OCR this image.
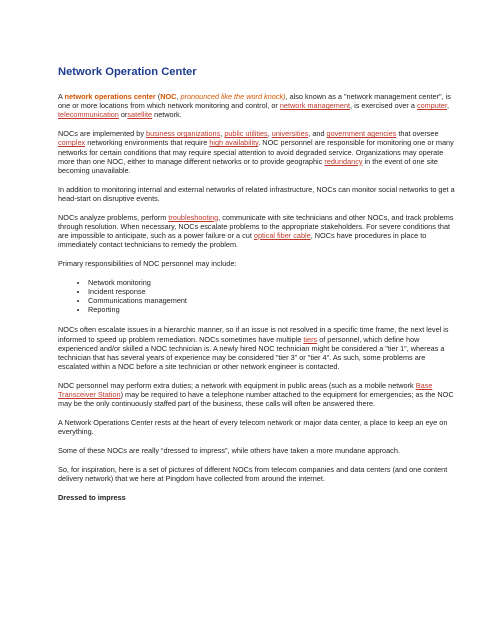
Network Operation Center

A network operations center (NOC, pronounced like the word knock), also known as a "network management center", is one or more locations from which network monitoring and control, or network management, is exercised over a computer, telecommunication orsatellite network.

NOCs are implemented by business organizations, public utilities, universities, and government agencies that oversee complex networking environments that require high availability. NOC personnel are responsible for monitoring one or many networks for certain conditions that may require special attention to avoid degraded service. Organizations may operate more than one NOC, either to manage different networks or to provide geographic redundancy in the event of one site becoming unavailable.

In addition to monitoring internal and external networks of related infrastructure, NOCs can monitor social networks to get a head-start on disruptive events.

NOCs analyze problems, perform troubleshooting, communicate with site technicians and other NOCs, and track problems through resolution. When necessary, NOCs escalate problems to the appropriate stakeholders. For severe conditions that are impossible to anticipate, such as a power failure or a cut optical fiber cable, NOCs have procedures in place to immediately contact technicians to remedy the problem.

Primary responsibilities of NOC personnel may include:

• Network monitoring
• Incident response
• Communications management
• Reporting

NOCs often escalate issues in a hierarchic manner, so if an issue is not resolved in a specific time frame, the next level is informed to speed up problem remediation. NOCs sometimes have multiple tiers of personnel, which define how experienced and/or skilled a NOC technician is. A newly hired NOC technician might be considered a "tier 1", whereas a technician that has several years of experience may be considered "tier 3" or "tier 4". As such, some problems are escalated within a NOC before a site technician or other network engineer is contacted.

NOC personnel may perform extra duties; a network with equipment in public areas (such as a mobile network Base Transceiver Station) may be required to have a telephone number attached to the equipment for emergencies; as the NOC may be the only continuously staffed part of the business, these calls will often be answered there.

A Network Operations Center rests at the heart of every telecom network or major data center, a place to keep an eye on everything.

Some of these NOCs are really “dressed to impress”, while others have taken a more mundane approach.

So, for inspiration, here is a set of pictures of different NOCs from telecom companies and data centers (and one content delivery network) that we here at Pingdom have collected from around the internet.

Dressed to impress
